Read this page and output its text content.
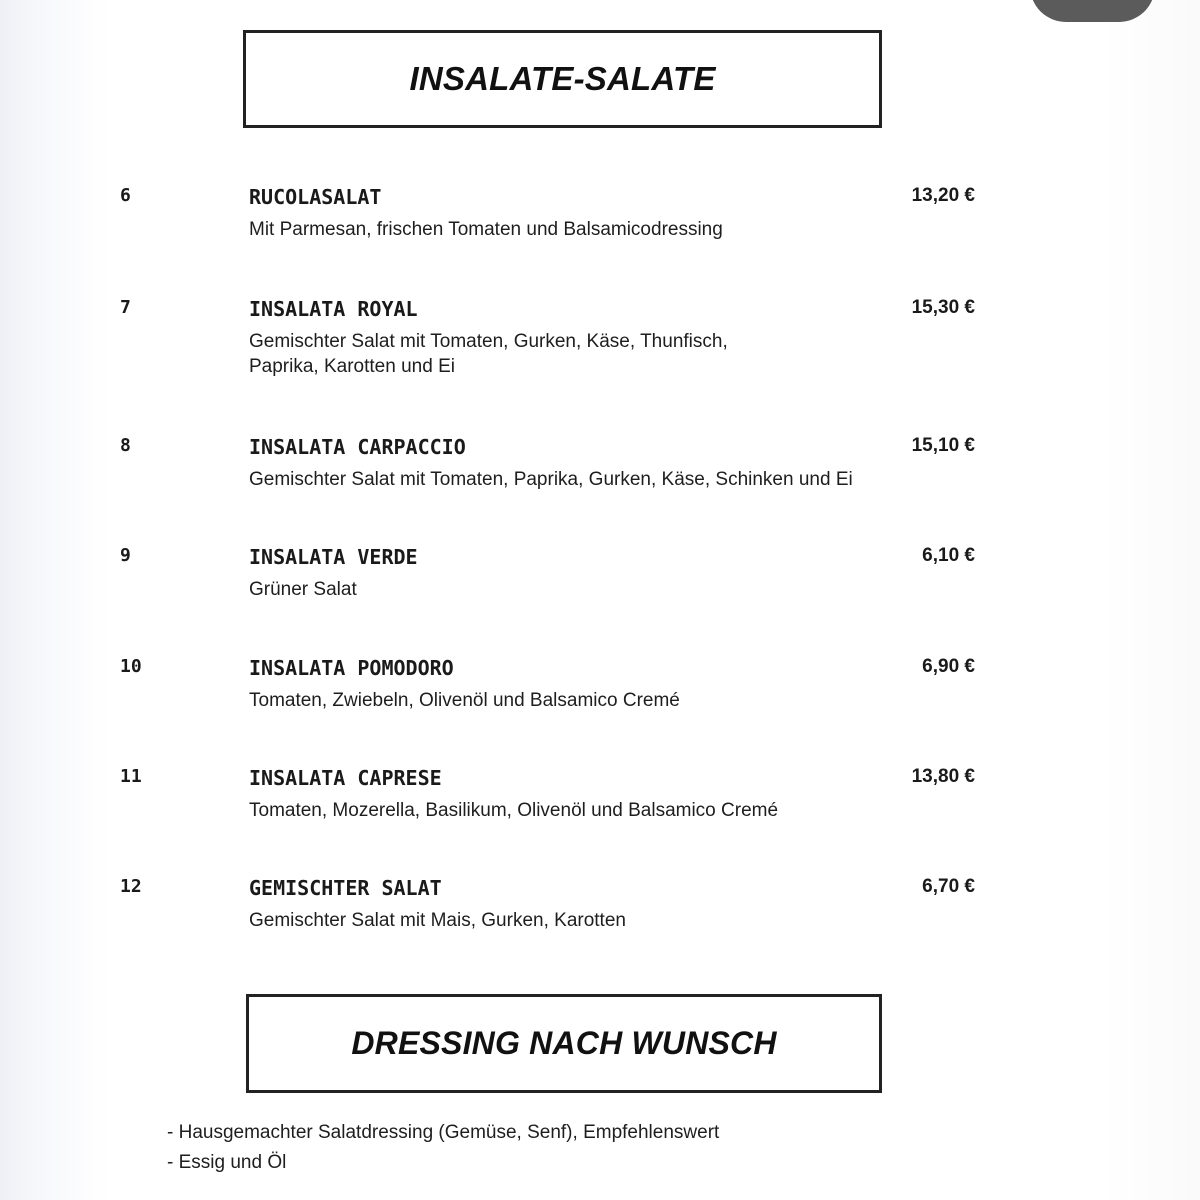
INSALATE-SALATE
6	RUCOLASALAT
Mit Parmesan, frischen Tomaten und Balsamicodressing
13,20 €
7	INSALATA ROYAL
Gemischter Salat mit Tomaten, Gurken, Käse, Thunfisch, Paprika, Karotten und Ei
15,30 €
8	INSALATA CARPACCIO
Gemischter Salat mit Tomaten, Paprika, Gurken, Käse, Schinken und Ei
15,10 €
9	INSALATA VERDE
Grüner Salat
6,10 €
10	INSALATA POMODORO
Tomaten, Zwiebeln, Olivenöl und Balsamico Cremé
6,90 €
11	INSALATA CAPRESE
Tomaten, Mozerella, Basilikum, Olivenöl und Balsamico Cremé
13,80 €
12	GEMISCHTER SALAT
Gemischter Salat mit Mais, Gurken, Karotten
6,70 €
DRESSING NACH WUNSCH
- Hausgemachter Salatdressing (Gemüse, Senf), Empfehlenswert
- Essig und Öl
